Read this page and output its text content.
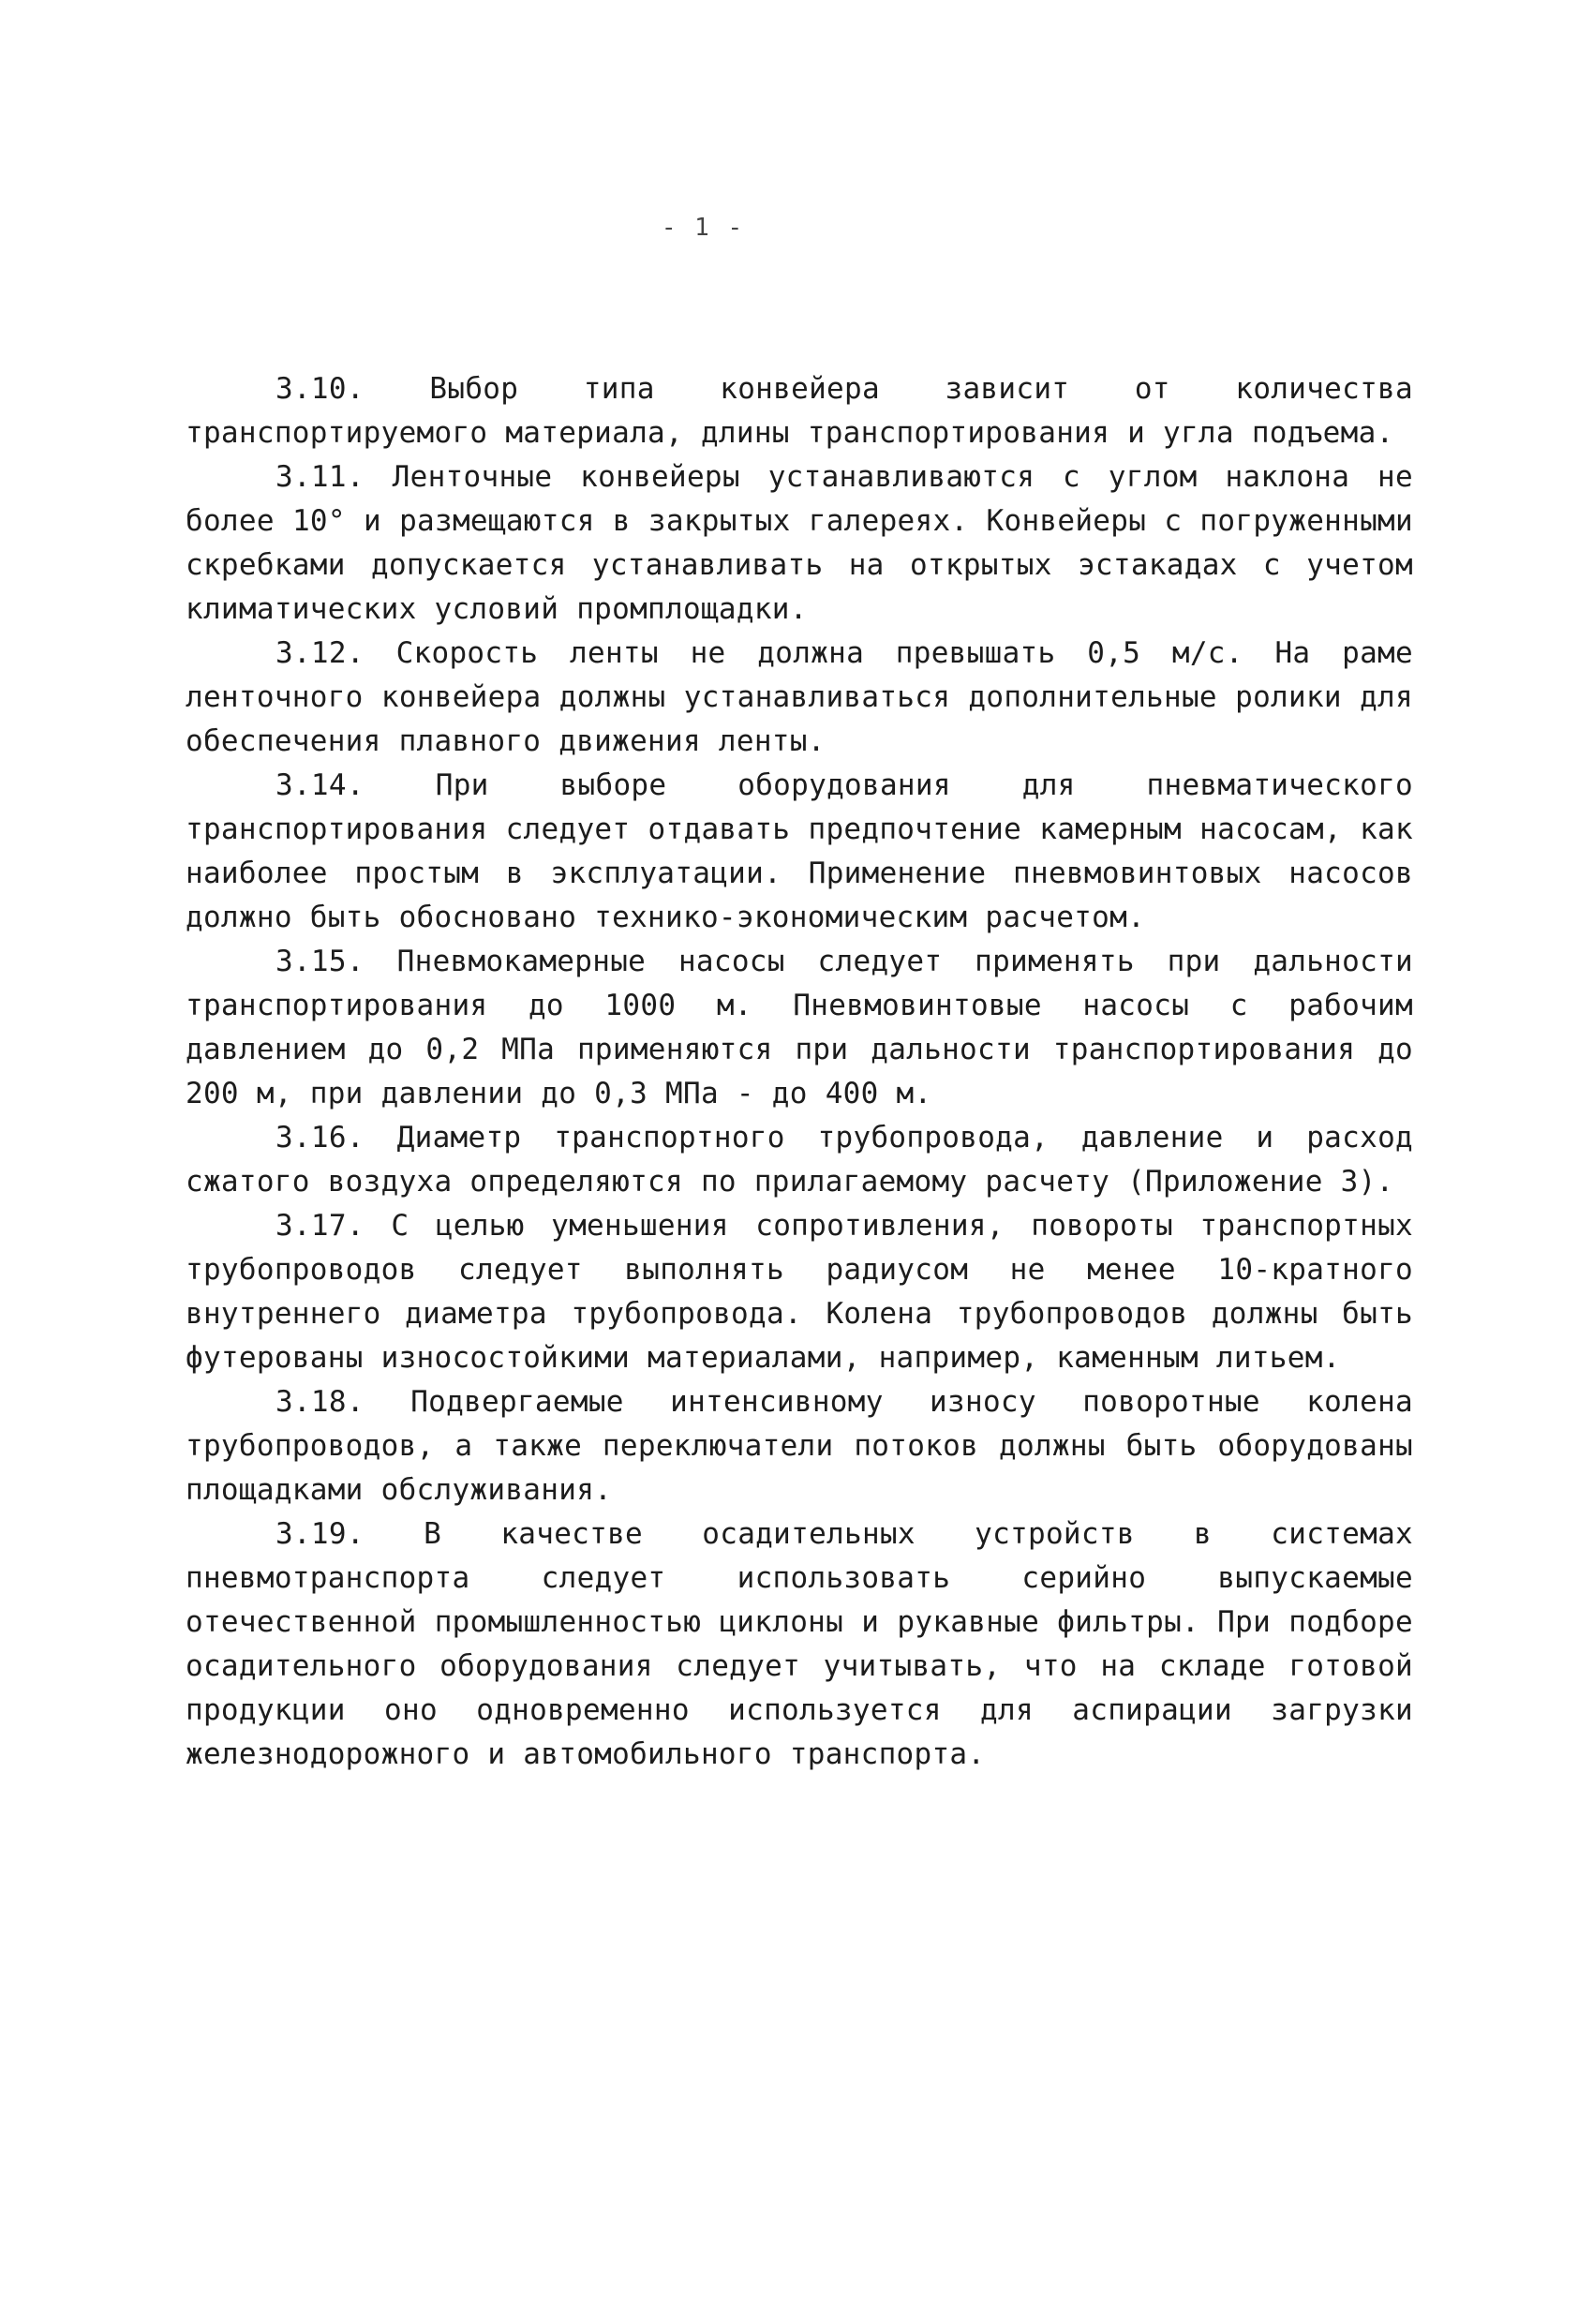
- 1 -

3.10. Выбор типа конвейера зависит от количества транспортируемого материала, длины транспортирования и угла подъема.

3.11. Ленточные конвейеры устанавливаются с углом наклона не более 10° и размещаются в закрытых галереях. Конвейеры с погруженными скребками допускается устанавливать на открытых эстакадах с учетом климатических условий промплощадки.

3.12. Скорость ленты не должна превышать 0,5 м/с. На раме ленточного конвейера должны устанавливаться дополнительные ролики для обеспечения плавного движения ленты.

3.14. При выборе оборудования для пневматического транспортирования следует отдавать предпочтение камерным насосам, как наиболее простым в эксплуатации. Применение пневмовинтовых насосов должно быть обосновано технико-экономическим расчетом.

3.15. Пневмокамерные насосы следует применять при дальности транспортирования до 1000 м. Пневмовинтовые насосы с рабочим давлением до 0,2 МПа применяются при дальности транспортирования до 200 м, при давлении до 0,3 МПа - до 400 м.

3.16. Диаметр транспортного трубопровода, давление и расход сжатого воздуха определяются по прилагаемому расчету (Приложение 3).

3.17. С целью уменьшения сопротивления, повороты транспортных трубопроводов следует выполнять радиусом не менее 10-кратного внутреннего диаметра трубопровода. Колена трубопроводов должны быть футерованы износостойкими материалами, например, каменным литьем.

3.18. Подвергаемые интенсивному износу поворотные колена трубопроводов, а также переключатели потоков должны быть оборудованы площадками обслуживания.

3.19. В качестве осадительных устройств в системах пневмотранспорта следует использовать серийно выпускаемые отечественной промышленностью циклоны и рукавные фильтры. При подборе осадительного оборудования следует учитывать, что на складе готовой продукции оно одновременно используется для аспирации загрузки железнодорожного и автомобильного транспорта.
